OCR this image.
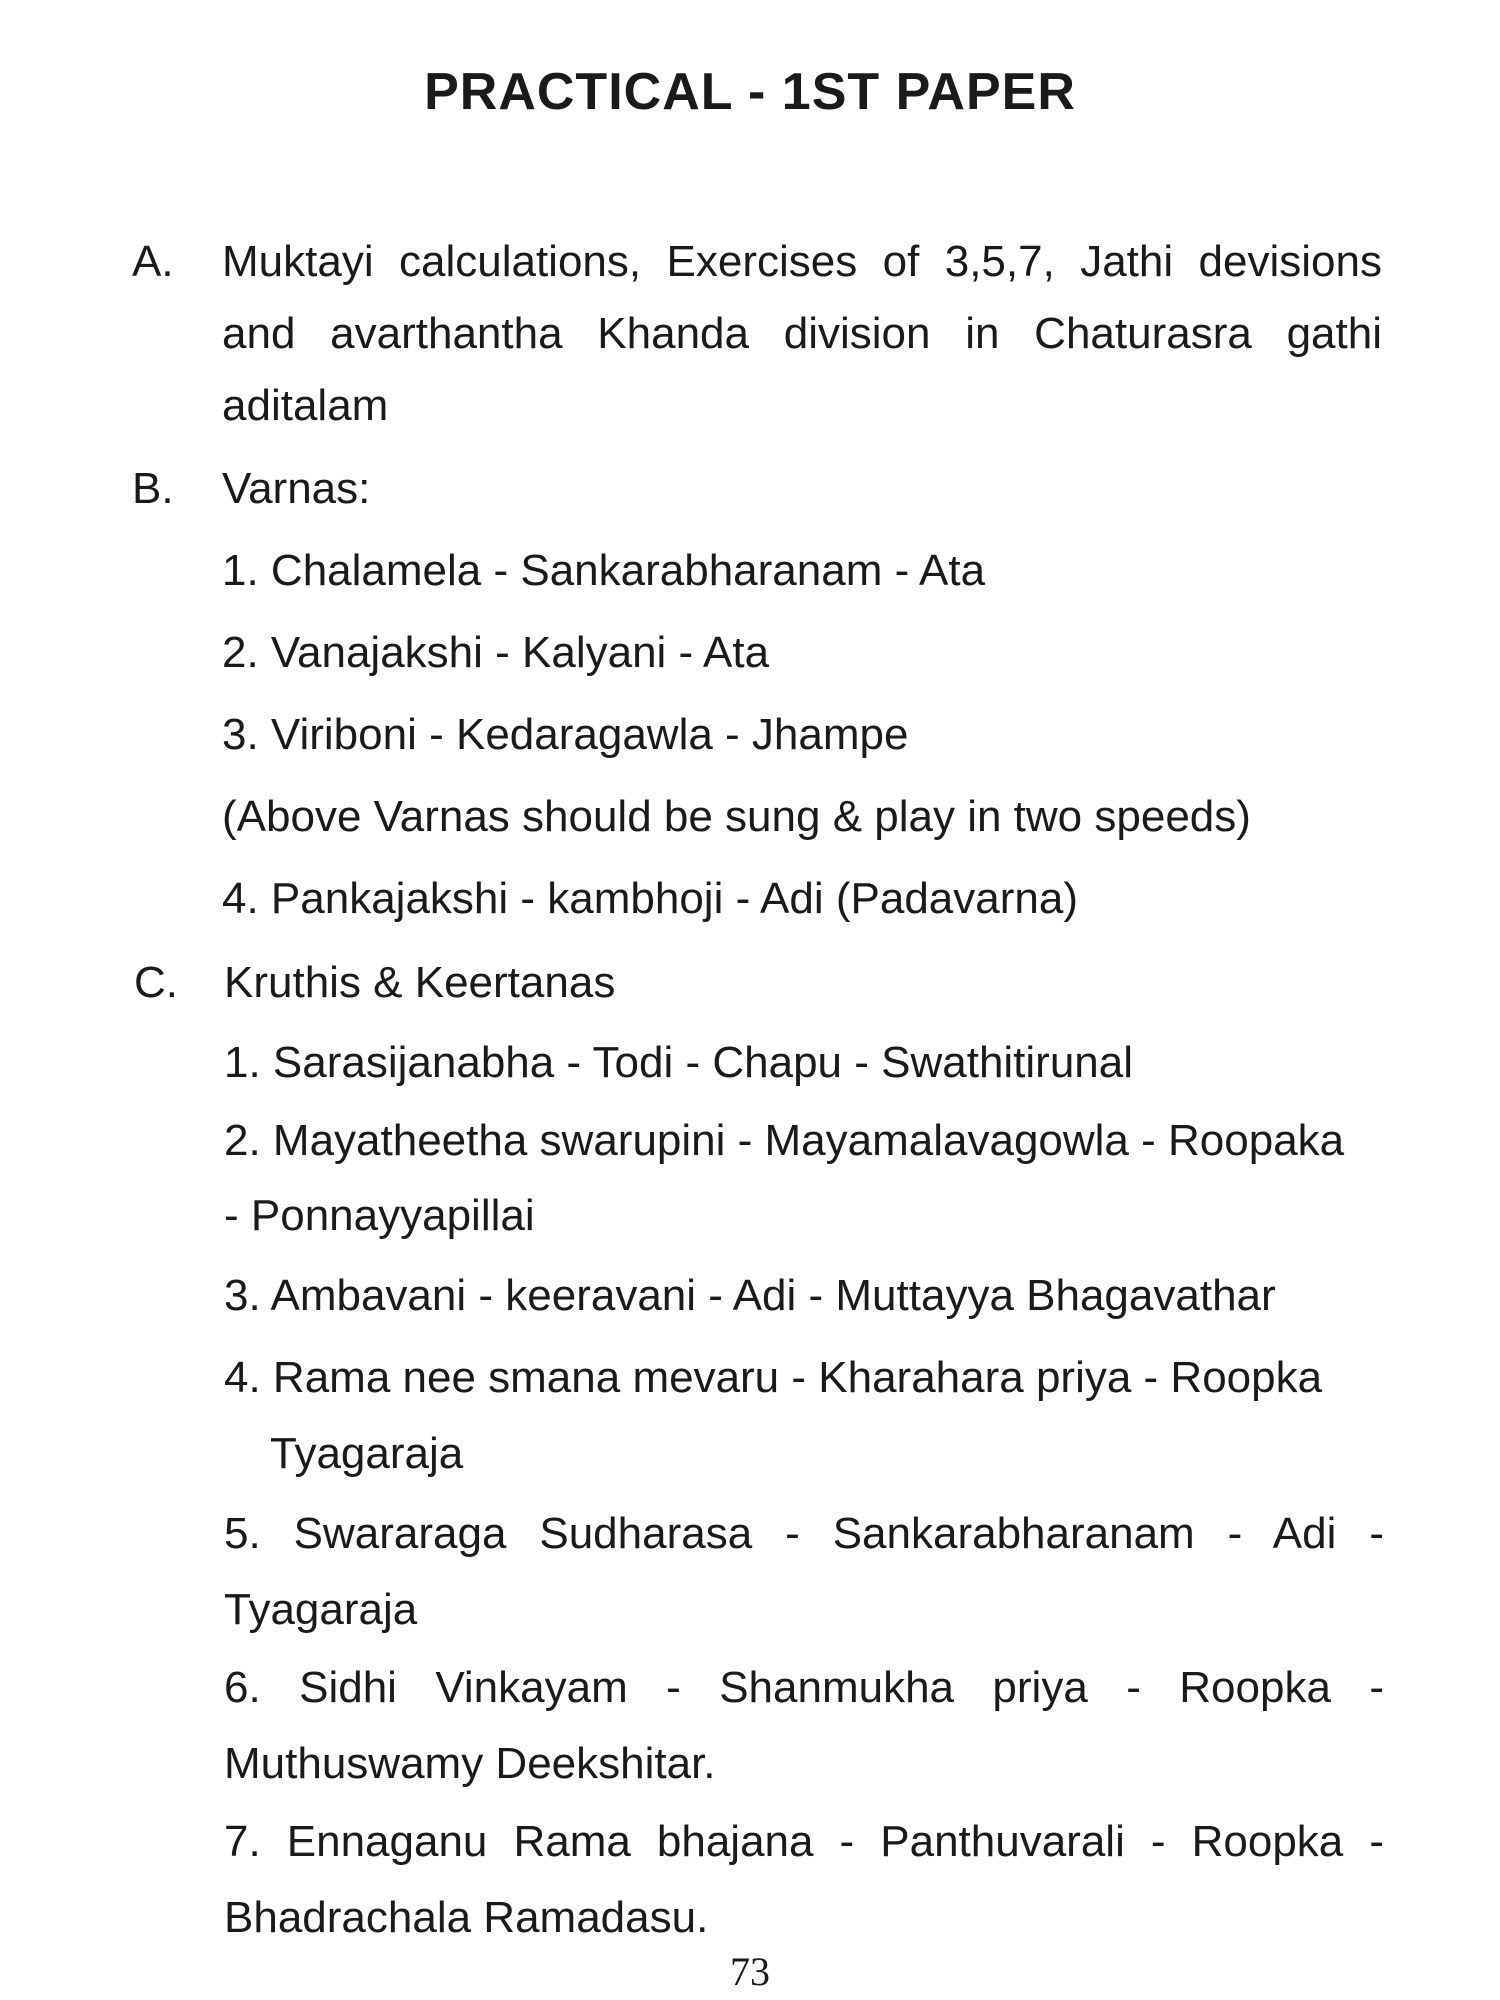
PRACTICAL - 1ST PAPER
A. Muktayi calculations, Exercises of 3,5,7, Jathi devisions
and avarthantha Khanda division in Chaturasra gathi
aditalam
B. Varnas:
1. Chalamela - Sankarabharanam - Ata
2. Vanajakshi - Kalyani - Ata
3. Viriboni - Kedaragawla - Jhampe
(Above Varnas should be sung & play in two speeds)
4. Pankajakshi - kambhoji - Adi (Padavarna)
C. Kruthis & Keertanas
1. Sarasijanabha - Todi - Chapu - Swathitirunal
2. Mayatheetha swarupini - Mayamalavagowla - Roopaka
- Ponnayyapillai
3. Ambavani - keeravani - Adi - Muttayya Bhagavathar
4. Rama nee smana mevaru - Kharahara priya - Roopka
Tyagaraja
5. Swararaga Sudharasa - Sankarabharanam - Adi -
Tyagaraja
6. Sidhi Vinkayam - Shanmukha priya - Roopka -
Muthuswamy Deekshitar.
7. Ennaganu Rama bhajana - Panthuvarali - Roopka -
Bhadrachala Ramadasu.
73
